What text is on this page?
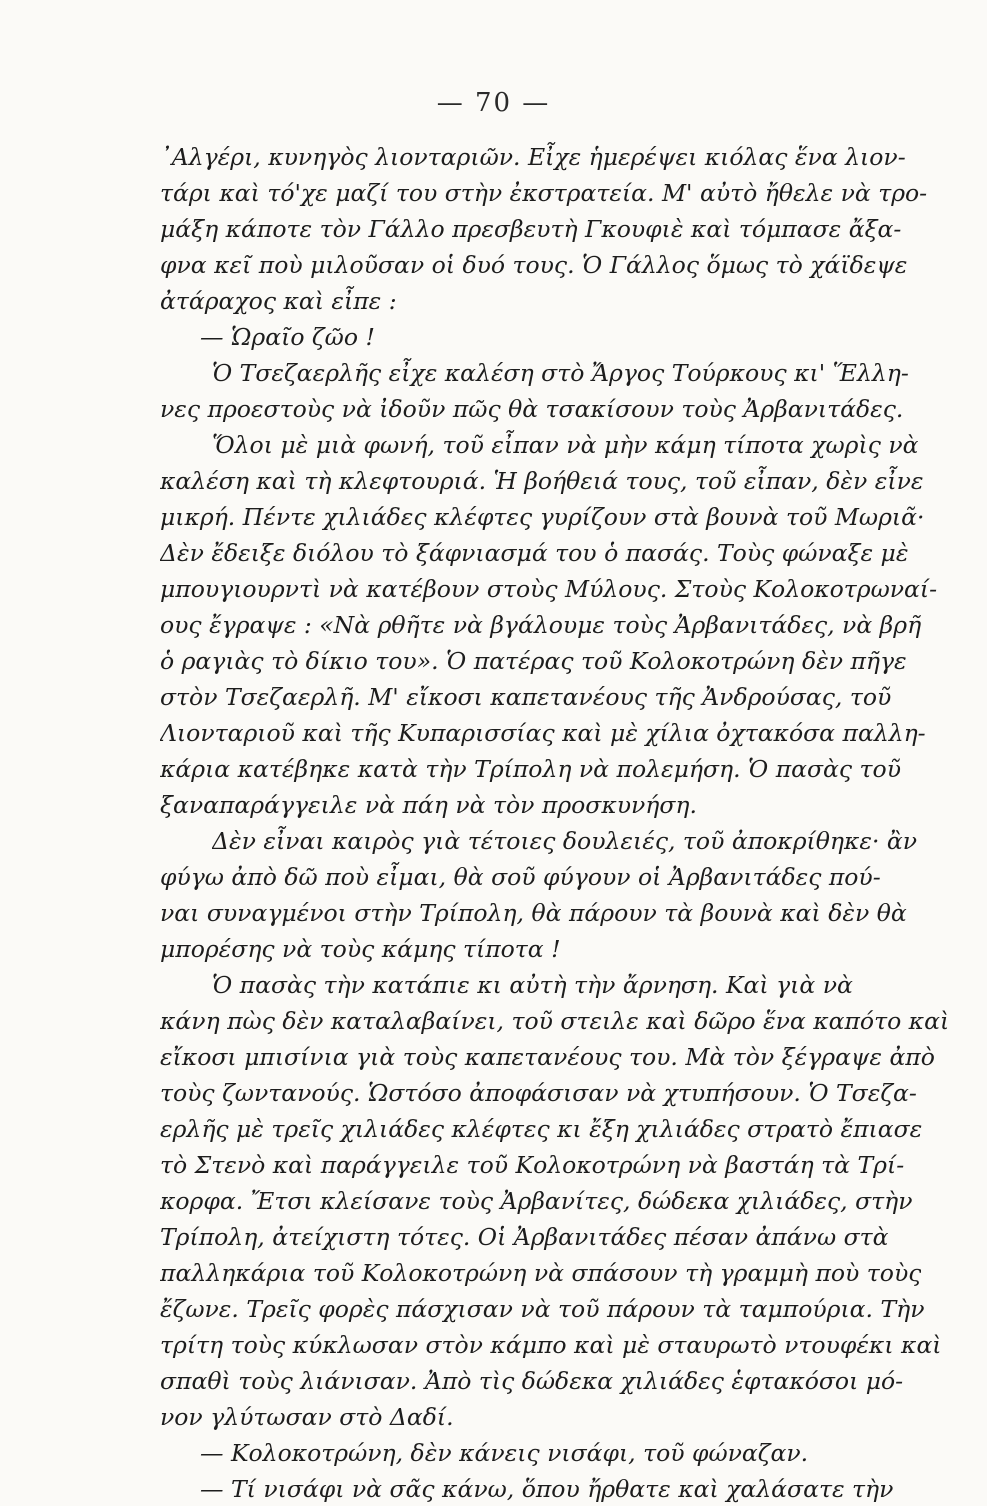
— 70 —
᾿Αλγέρι, κυνηγὸς λιονταριῶν. Εἶχε ἡμερέψει κιόλας ἕνα λιον-
τάρι καὶ τό'χε μαζί του στὴν ἐκστρατεία. Μ' αὐτὸ ἤθελε νὰ τρο-
μάξη κάποτε τὸν Γάλλο πρεσβευτὴ Γκουφιὲ καὶ τόμπασε ἄξα-
φνα κεῖ ποὺ μιλοῦσαν οἱ δυό τους. Ὁ Γάλλος ὅμως τὸ χάϊδεψε
ἀτάραχος καὶ εἶπε :
— Ὡραῖο ζῶο !
Ὁ Τσεζαερλῆς εἶχε καλέση στὸ Ἄργος Τούρκους κι' Ἕλλη-
νες προεστοὺς νὰ ἰδοῦν πῶς θὰ τσακίσουν τοὺς Ἀρβανιτάδες.
Ὅλοι μὲ μιὰ φωνή, τοῦ εἶπαν νὰ μὴν κάμη τίποτα χωρὶς νὰ
καλέση καὶ τὴ κλεφτουριά. Ἡ βοήθειά τους, τοῦ εἶπαν, δὲν εἶνε
μικρή. Πέντε χιλιάδες κλέφτες γυρίζουν στὰ βουνὰ τοῦ Μωριᾶ·
Δὲν ἔδειξε διόλου τὸ ξάφνιασμά του ὁ πασάς. Τοὺς φώναξε μὲ
μπουγιουρντὶ νὰ κατέβουν στοὺς Μύλους. Στοὺς Κολοκοτρωναί-
ους ἔγραψε : «Νὰ ρθῆτε νὰ βγάλουμε τοὺς Ἀρβανιτάδες, νὰ βρῆ
ὁ ραγιὰς τὸ δίκιο του». Ὁ πατέρας τοῦ Κολοκοτρώνη δὲν πῆγε
στὸν Τσεζαερλῆ. Μ' εἴκοσι καπετανέους τῆς Ἀνδρούσας, τοῦ
Λιονταριοῦ καὶ τῆς Κυπαρισσίας καὶ μὲ χίλια ὀχτακόσα παλλη-
κάρια κατέβηκε κατὰ τὴν Τρίπολη νὰ πολεμήση. Ὁ πασὰς τοῦ
ξαναπαράγγειλε νὰ πάη νὰ τὸν προσκυνήση.
Δὲν εἶναι καιρὸς γιὰ τέτοιες δουλειές, τοῦ ἀποκρίθηκε· ἂν
φύγω ἀπὸ δῶ ποὺ εἶμαι, θὰ σοῦ φύγουν οἱ Ἀρβανιτάδες πού-
ναι συναγμένοι στὴν Τρίπολη, θὰ πάρουν τὰ βουνὰ καὶ δὲν θὰ
μπορέσης νὰ τοὺς κάμης τίποτα !
Ὁ πασὰς τὴν κατάπιε κι αὐτὴ τὴν ἄρνηση. Καὶ γιὰ νὰ
κάνη πὼς δὲν καταλαβαίνει, τοῦ στειλε καὶ δῶρο ἕνα καπότο καὶ
εἴκοσι μπισίνια γιὰ τοὺς καπετανέους του. Μὰ τὸν ξέγραψε ἀπὸ
τοὺς ζωντανούς. Ὡστόσο ἀποφάσισαν νὰ χτυπήσουν. Ὁ Τσεζα-
ερλῆς μὲ τρεῖς χιλιάδες κλέφτες κι ἔξη χιλιάδες στρατὸ ἔπιασε
τὸ Στενὸ καὶ παράγγειλε τοῦ Κολοκοτρώνη νὰ βαστάη τὰ Τρί-
κορφα. Ἔτσι κλείσανε τοὺς Ἀρβανίτες, δώδεκα χιλιάδες, στὴν
Τρίπολη, ἀτείχιστη τότες. Οἱ Ἀρβανιτάδες πέσαν ἀπάνω στὰ
παλληκάρια τοῦ Κολοκοτρώνη νὰ σπάσουν τὴ γραμμὴ ποὺ τοὺς
ἔζωνε. Τρεῖς φορὲς πάσχισαν νὰ τοῦ πάρουν τὰ ταμπούρια. Τὴν
τρίτη τοὺς κύκλωσαν στὸν κάμπο καὶ μὲ σταυρωτὸ ντουφέκι καὶ
σπαθὶ τοὺς λιάνισαν. Ἀπὸ τὶς δώδεκα χιλιάδες ἑφτακόσοι μό-
νον γλύτωσαν στὸ Δαδί.
— Κολοκοτρώνη, δὲν κάνεις νισάφι, τοῦ φώναζαν.
— Τί νισάφι νὰ σᾶς κάνω, ὅπου ἤρθατε καὶ χαλάσατε τὴν
